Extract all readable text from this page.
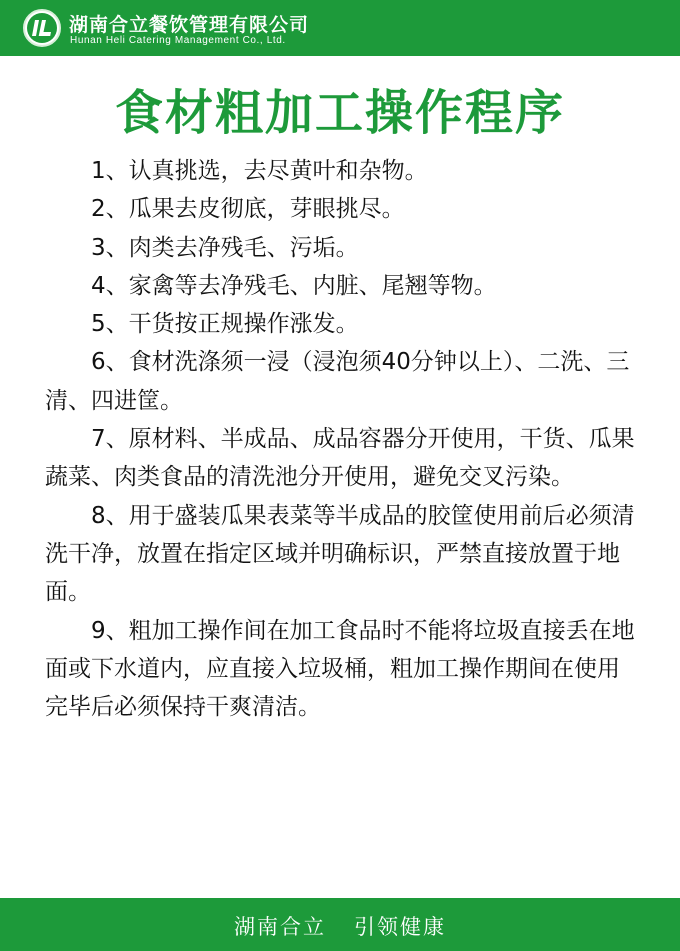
湖南合立餐饮管理有限公司
Hunan Heli Catering Management Co., Ltd.
食材粗加工操作程序

1、认真挑选，去尽黄叶和杂物。

2、瓜果去皮彻底，芽眼挑尽。

3、肉类去净残毛、污垢。

4、家禽等去净残毛、内脏、尾翘等物。

5、干货按正规操作涨发。

6、食材洗涤须一浸（浸泡须40分钟以上）、二洗、三清、四进筐。

7、原材料、半成品、成品容器分开使用，干货、瓜果蔬菜、肉类食品的清洗池分开使用，避免交叉污染。

8、用于盛装瓜果表菜等半成品的胶筐使用前后必须清洗干净，放置在指定区域并明确标识，严禁直接放置于地面。

9、粗加工操作间在加工食品时不能将垃圾直接丢在地面或下水道内，应直接入垃圾桶，粗加工操作期间在使用完毕后必须保持干爽清洁。

湖南合立 引领健康
